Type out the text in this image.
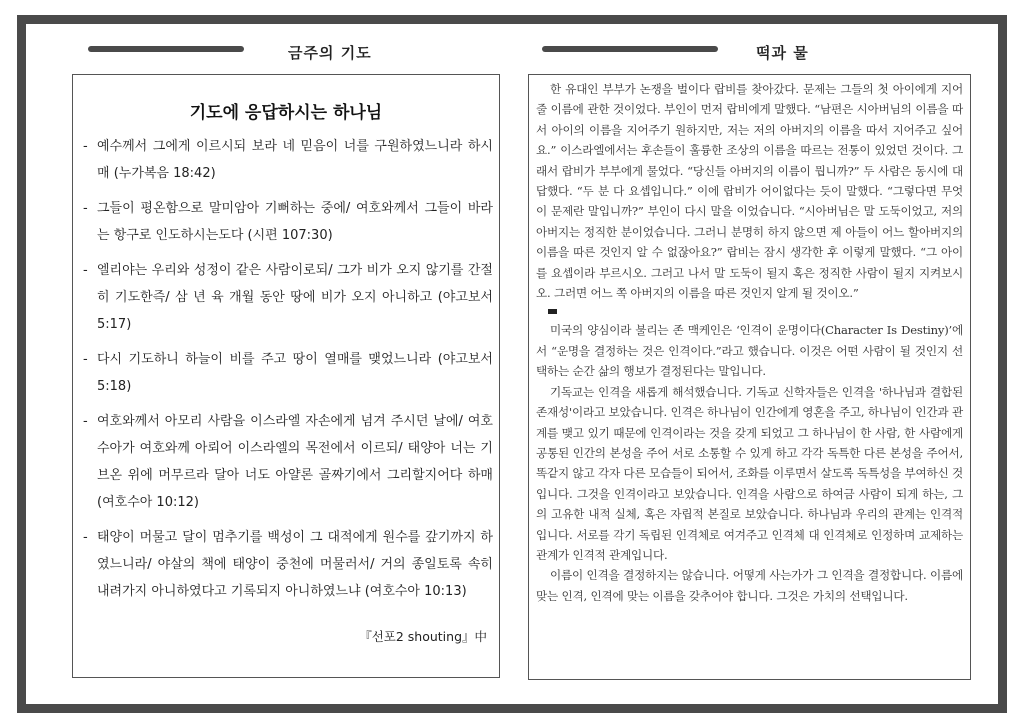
금주의 기도	떡과 물
기도에 응답하시는 하나님
- 예수께서 그에게 이르시되 보라 네 믿음이 너를 구원하였느니라 하시매 (누가복음 18:42)
- 그들이 평온함으로 말미암아 기뻐하는 중에/ 여호와께서 그들이 바라는 항구로 인도하시는도다 (시편 107:30)
- 엘리야는 우리와 성정이 같은 사람이로되/ 그가 비가 오지 않기를 간절히 기도한즉/ 삼 년 육 개월 동안 땅에 비가 오지 아니하고 (야고보서 5:17)
- 다시 기도하니 하늘이 비를 주고 땅이 열매를 맺었느니라 (야고보서 5:18)
- 여호와께서 아모리 사람을 이스라엘 자손에게 넘겨 주시던 날에/ 여호수아가 여호와께 아뢰어 이스라엘의 목전에서 이르되/ 태양아 너는 기브온 위에 머무르라 달아 너도 아얄론 골짜기에서 그리할지어다 하매 (여호수아 10:12)
- 태양이 머물고 달이 멈추기를 백성이 그 대적에게 원수를 갚기까지 하였느니라/ 야살의 책에 태양이 중천에 머물러서/ 거의 종일토록 속히 내려가지 아니하였다고 기록되지 아니하였느냐 (여호수아 10:13)
『선포2 shouting』中

한 유대인 부부가 논쟁을 벌이다 랍비를 찾아갔다. 문제는 그들의 첫 아이에게 지어줄 이름에 관한 것이었다. 부인이 먼저 랍비에게 말했다. “남편은 시아버님의 이름을 따서 아이의 이름을 지어주기 원하지만, 저는 저의 아버지의 이름을 따서 지어주고 싶어요.” 이스라엘에서는 후손들이 훌륭한 조상의 이름을 따르는 전통이 있었던 것이다. 그래서 랍비가 부부에게 물었다. “당신들 아버지의 이름이 뭡니까?” 두 사람은 동시에 대답했다. “두 분 다 요셉입니다.” 이에 랍비가 어이없다는 듯이 말했다. “그렇다면 무엇이 문제란 말입니까?” 부인이 다시 말을 이었습니다. “시아버님은 말 도둑이었고, 저의 아버지는 정직한 분이었습니다. 그러니 분명히 하지 않으면 제 아들이 어느 할아버지의 이름을 따른 것인지 알 수 없잖아요?” 랍비는 잠시 생각한 후 이렇게 말했다. “그 아이를 요셉이라 부르시오. 그러고 나서 말 도둑이 될지 혹은 정직한 사람이 될지 지켜보시오. 그러면 어느 쪽 아버지의 이름을 따른 것인지 알게 될 것이오.”

미국의 양심이라 불리는 존 맥케인은 ‘인격이 운명이다(Character Is Destiny)’에서 “운명을 결정하는 것은 인격이다.”라고 했습니다. 이것은 어떤 사람이 될 것인지 선택하는 순간 삶의 행보가 결정된다는 말입니다.

기독교는 인격을 새롭게 해석했습니다. 기독교 신학자들은 인격을 '하나님과 결합된 존재성'이라고 보았습니다. 인격은 하나님이 인간에게 영혼을 주고, 하나님이 인간과 관계를 맺고 있기 때문에 인격이라는 것을 갖게 되었고 그 하나님이 한 사람, 한 사람에게 공통된 인간의 본성을 주어 서로 소통할 수 있게 하고 각각 독특한 다른 본성을 주어서, 똑같지 않고 각자 다른 모습들이 되어서, 조화를 이루면서 살도록 독특성을 부여하신 것입니다. 그것을 인격이라고 보았습니다. 인격을 사람으로 하여금 사람이 되게 하는, 그의 고유한 내적 실체, 혹은 자립적 본질로 보았습니다. 하나님과 우리의 관계는 인격적입니다. 서로를 각기 독립된 인격체로 여겨주고 인격체 대 인격체로 인정하며 교제하는 관계가 인격적 관계입니다.

이름이 인격을 결정하지는 않습니다. 어떻게 사는가가 그 인격을 결정합니다. 이름에 맞는 인격, 인격에 맞는 이름을 갖추어야 합니다. 그것은 가치의 선택입니다.
